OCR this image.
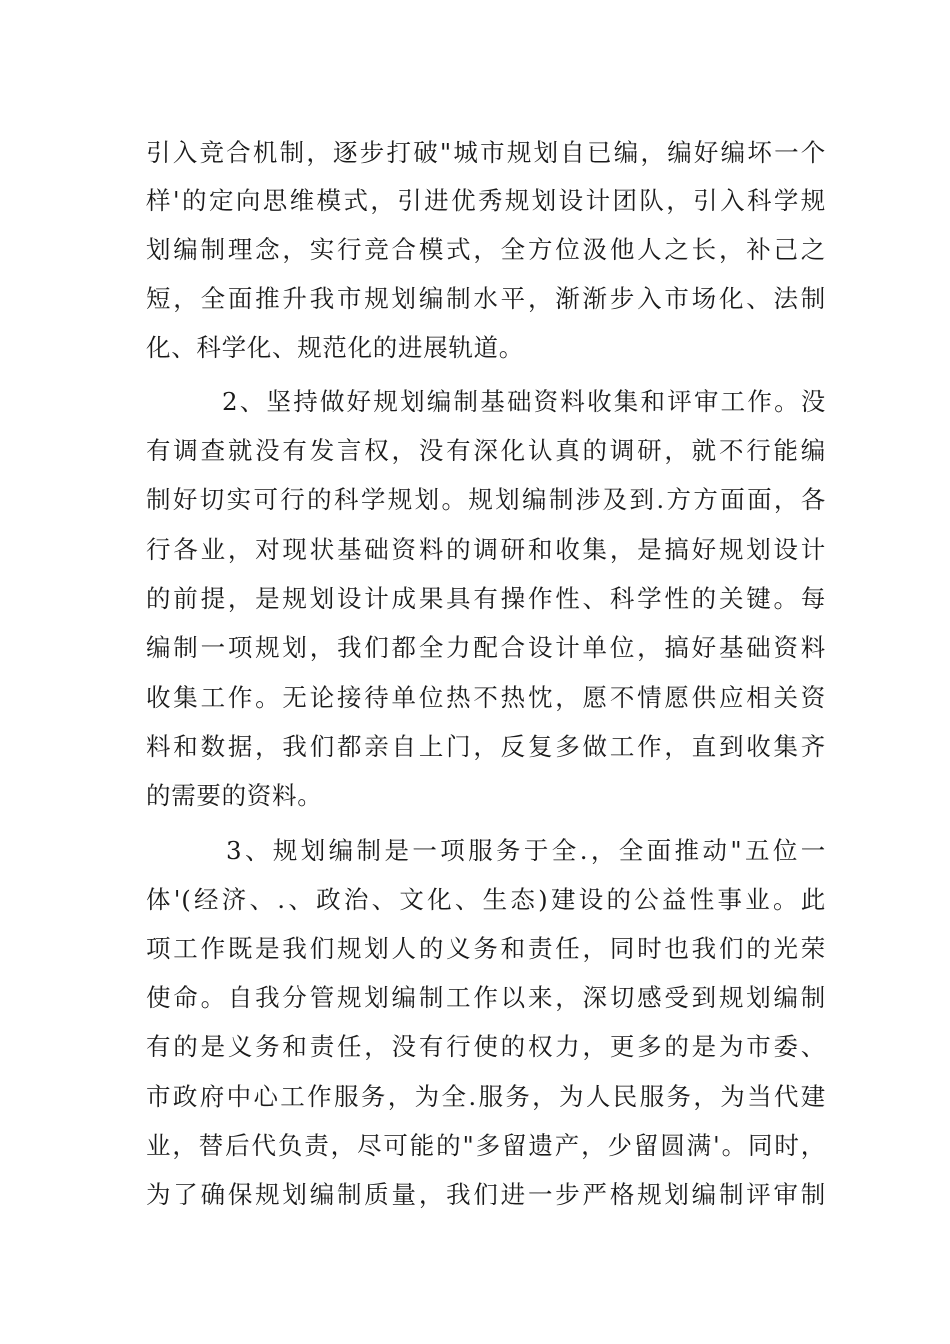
引入竞合机制，逐步打破"城市规划自已编，编好编坏一个
样'的定向思维模式，引进优秀规划设计团队，引入科学规
划编制理念，实行竞合模式，全方位汲他人之长，补己之
短，全面推升我市规划编制水平，渐渐步入市场化、法制
化、科学化、规范化的进展轨道。
2、坚持做好规划编制基础资料收集和评审工作。没
有调查就没有发言权，没有深化认真的调研，就不行能编
制好切实可行的科学规划。规划编制涉及到.方方面面，各
行各业，对现状基础资料的调研和收集，是搞好规划设计
的前提，是规划设计成果具有操作性、科学性的关键。每
编制一项规划，我们都全力配合设计单位，搞好基础资料
收集工作。无论接待单位热不热忱，愿不情愿供应相关资
料和数据，我们都亲自上门，反复多做工作，直到收集齐
的需要的资料。
3、规划编制是一项服务于全.，全面推动"五位一
体'(经济、.、政治、文化、生态)建设的公益性事业。此
项工作既是我们规划人的义务和责任，同时也我们的光荣
使命。自我分管规划编制工作以来，深切感受到规划编制
有的是义务和责任，没有行使的权力，更多的是为市委、
市政府中心工作服务，为全.服务，为人民服务，为当代建
业，替后代负责，尽可能的"多留遗产，少留圆满'。同时，
为了确保规划编制质量，我们进一步严格规划编制评审制
